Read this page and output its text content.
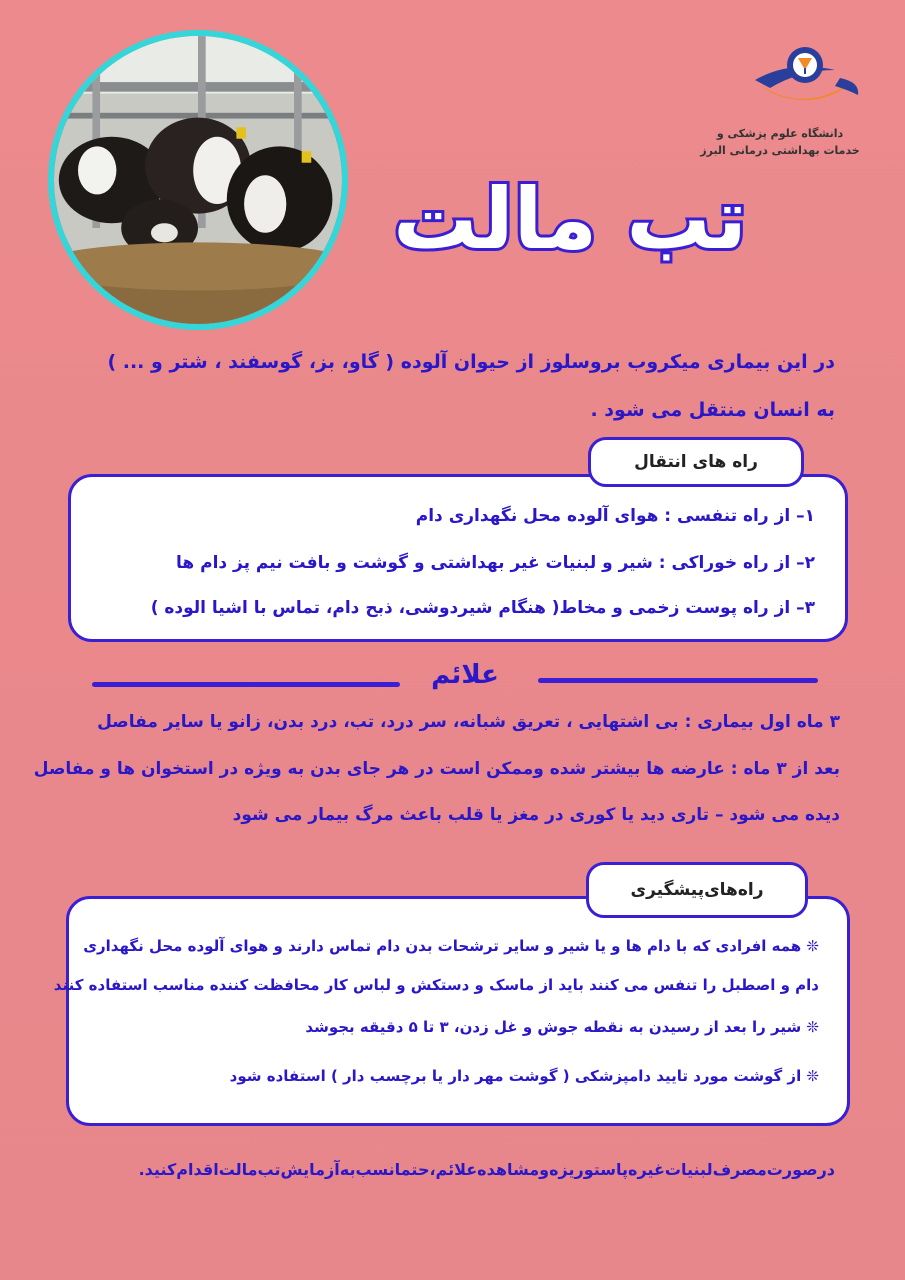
دانشگاه علوم پزشکی و
خدمات بهداشتی درمانی البرز
تب مالت
در این بیماری میکروب بروسلوز از حیوان آلوده ( گاو، بز، گوسفند ، شتر و ... )
به انسان منتقل می شود .
راه های انتقال
۱– از راه تنفسی : هوای آلوده محل نگهداری دام
۲– از راه خوراکی : شیر و لبنیات غیر بهداشتی و گوشت و بافت نیم پز دام ها
۳– از راه پوست زخمی و مخاط( هنگام شیردوشی، ذبح دام، تماس با اشیا الوده )
علائم
۳ ماه اول بیماری : بی اشتهایی ، تعریق شبانه، سر درد، تب، درد بدن، زانو یا سایر مفاصل
بعد از ۳ ماه : عارضه ها بیشتر شده وممکن است در هر جای بدن به ویژه در استخوان ها و مفاصل
دیده می شود – تاری دید یا کوری در مغز یا قلب باعث مرگ بیمار می شود
راه‌های‌پیشگیری
❊ همه افرادی که با دام ها و یا شیر و سایر ترشحات بدن دام تماس دارند و هوای آلوده محل نگهداری
دام و اصطبل را تنفس می کنند باید از ماسک و دستکش و لباس کار محافظت کننده مناسب استفاده کنند
❊ شیر را بعد از رسیدن به نقطه جوش و غل زدن، ۳ تا ۵ دقیقه بجوشد
❊ از گوشت مورد تایید دامپزشکی ( گوشت مهر دار یا برچسب دار ) استفاده شود
درصورت‌مصرف‌لبنیات‌غیره‌پاستوریزه‌و‌مشاهده‌علائم،حتما‌نسب‌به‌آزمایش‌تب‌مالت‌اقدام‌کنید.
